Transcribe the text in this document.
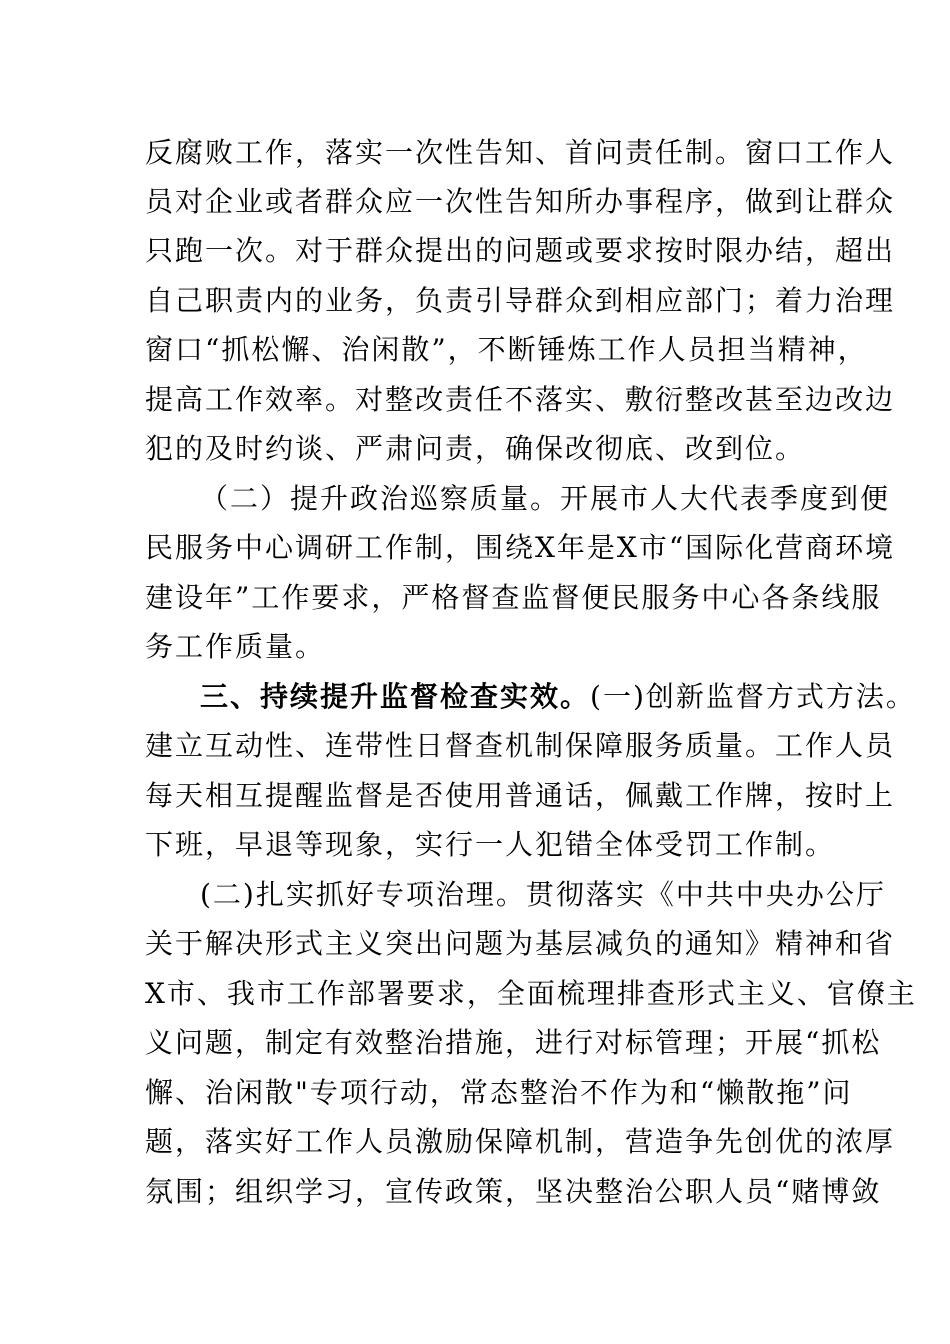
反腐败工作，落实一次性告知、首问责任制。窗口工作人
员对企业或者群众应一次性告知所办事程序，做到让群众
只跑一次。对于群众提出的问题或要求按时限办结，超出
自己职责内的业务，负责引导群众到相应部门；着力治理
窗口“抓松懈、治闲散”，不断锤炼工作人员担当精神，
提高工作效率。对整改责任不落实、敷衍整改甚至边改边
犯的及时约谈、严肃问责，确保改彻底、改到位。
（二）提升政治巡察质量。开展市人大代表季度到便
民服务中心调研工作制，围绕X年是X市“国际化营商环境
建设年”工作要求，严格督查监督便民服务中心各条线服
务工作质量。
三、持续提升监督检查实效。(一)创新监督方式方法。
建立互动性、连带性日督查机制保障服务质量。工作人员
每天相互提醒监督是否使用普通话，佩戴工作牌，按时上
下班，早退等现象，实行一人犯错全体受罚工作制。
(二)扎实抓好专项治理。贯彻落实《中共中央办公厅
关于解决形式主义突出问题为基层减负的通知》精神和省
X市、我市工作部署要求，全面梳理排查形式主义、官僚主
义问题，制定有效整治措施，进行对标管理；开展“抓松
懈、治闲散"专项行动，常态整治不作为和“懒散拖”问
题，落实好工作人员激励保障机制，营造争先创优的浓厚
氛围；组织学习，宣传政策，坚决整治公职人员“赌博敛
